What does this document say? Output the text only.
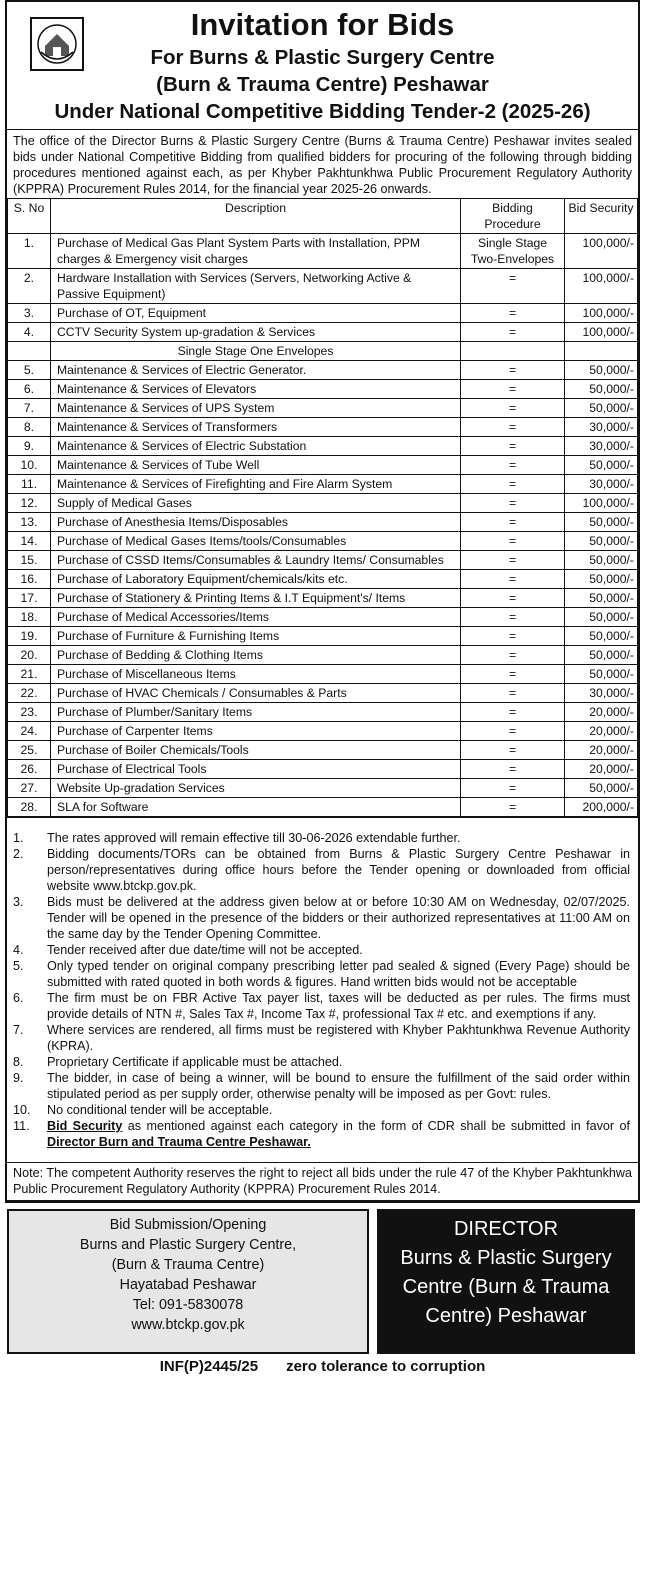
Invitation for Bids
For Burns & Plastic Surgery Centre
(Burn & Trauma Centre) Peshawar
Under National Competitive Bidding Tender-2 (2025-26)
The office of the Director Burns & Plastic Surgery Centre (Burns & Trauma Centre) Peshawar invites sealed bids under National Competitive Bidding from qualified bidders for procuring of the following through bidding procedures mentioned against each, as per Khyber Pakhtunkhwa Public Procurement Regulatory Authority (KPPRA) Procurement Rules 2014, for the financial year 2025-26 onwards.
S. No	Description	Bidding Procedure	Bid Security
1.	Purchase of Medical Gas Plant System Parts with Installation, PPM charges & Emergency visit charges	Single Stage Two-Envelopes	100,000/-
2.	Hardware Installation with Services (Servers, Networking Active & Passive Equipment)	=	100,000/-
3.	Purchase of OT, Equipment	=	100,000/-
4.	CCTV Security System up-gradation & Services	=	100,000/-
	Single Stage One Envelopes		
5.	Maintenance & Services of Electric Generator.	=	50,000/-
6.	Maintenance & Services of Elevators	=	50,000/-
7.	Maintenance & Services of UPS System	=	50,000/-
8.	Maintenance & Services of Transformers	=	30,000/-
9.	Maintenance & Services of Electric Substation	=	30,000/-
10.	Maintenance & Services of Tube Well	=	50,000/-
11.	Maintenance & Services of Firefighting and Fire Alarm System	=	30,000/-
12.	Supply of Medical Gases	=	100,000/-
13.	Purchase of Anesthesia Items/Disposables	=	50,000/-
14.	Purchase of Medical Gases Items/tools/Consumables	=	50,000/-
15.	Purchase of CSSD Items/Consumables & Laundry Items/ Consumables	=	50,000/-
16.	Purchase of Laboratory Equipment/chemicals/kits etc.	=	50,000/-
17.	Purchase of Stationery & Printing Items & I.T Equipment's/ Items	=	50,000/-
18.	Purchase of Medical Accessories/Items	=	50,000/-
19.	Purchase of Furniture & Furnishing Items	=	50,000/-
20.	Purchase of Bedding & Clothing Items	=	50,000/-
21.	Purchase of Miscellaneous Items	=	50,000/-
22.	Purchase of HVAC Chemicals / Consumables & Parts	=	30,000/-
23.	Purchase of Plumber/Sanitary Items	=	20,000/-
24.	Purchase of Carpenter Items	=	20,000/-
25.	Purchase of Boiler Chemicals/Tools	=	20,000/-
26.	Purchase of Electrical Tools	=	20,000/-
27.	Website Up-gradation Services	=	50,000/-
28.	SLA for Software	=	200,000/-
1.	The rates approved will remain effective till 30-06-2026 extendable further.
2.	Bidding documents/TORs can be obtained from Burns & Plastic Surgery Centre Peshawar in person/representatives during office hours before the Tender opening or downloaded from official website www.btckp.gov.pk.
3.	Bids must be delivered at the address given below at or before 10:30 AM on Wednesday, 02/07/2025. Tender will be opened in the presence of the bidders or their authorized representatives at 11:00 AM on the same day by the Tender Opening Committee.
4.	Tender received after due date/time will not be accepted.
5.	Only typed tender on original company prescribing letter pad sealed & signed (Every Page) should be submitted with rated quoted in both words & figures. Hand written bids would not be acceptable
6.	The firm must be on FBR Active Tax payer list, taxes will be deducted as per rules. The firms must provide details of NTN #, Sales Tax #, Income Tax #, professional Tax # etc. and exemptions if any.
7.	Where services are rendered, all firms must be registered with Khyber Pakhtunkhwa Revenue Authority (KPRA).
8.	Proprietary Certificate if applicable must be attached.
9.	The bidder, in case of being a winner, will be bound to ensure the fulfillment of the said order within stipulated period as per supply order, otherwise penalty will be imposed as per Govt: rules.
10.	No conditional tender will be acceptable.
11.	Bid Security as mentioned against each category in the form of CDR shall be submitted in favor of Director Burn and Trauma Centre Peshawar.
Note: The competent Authority reserves the right to reject all bids under the rule 47 of the Khyber Pakhtunkhwa Public Procurement Regulatory Authority (KPPRA) Procurement Rules 2014.
Bid Submission/Opening
Burns and Plastic Surgery Centre,
(Burn & Trauma Centre)
Hayatabad Peshawar
Tel: 091-5830078
www.btckp.gov.pk
DIRECTOR
Burns & Plastic Surgery
Centre (Burn & Trauma
Centre) Peshawar
INF(P)2445/25 zero tolerance to corruption
